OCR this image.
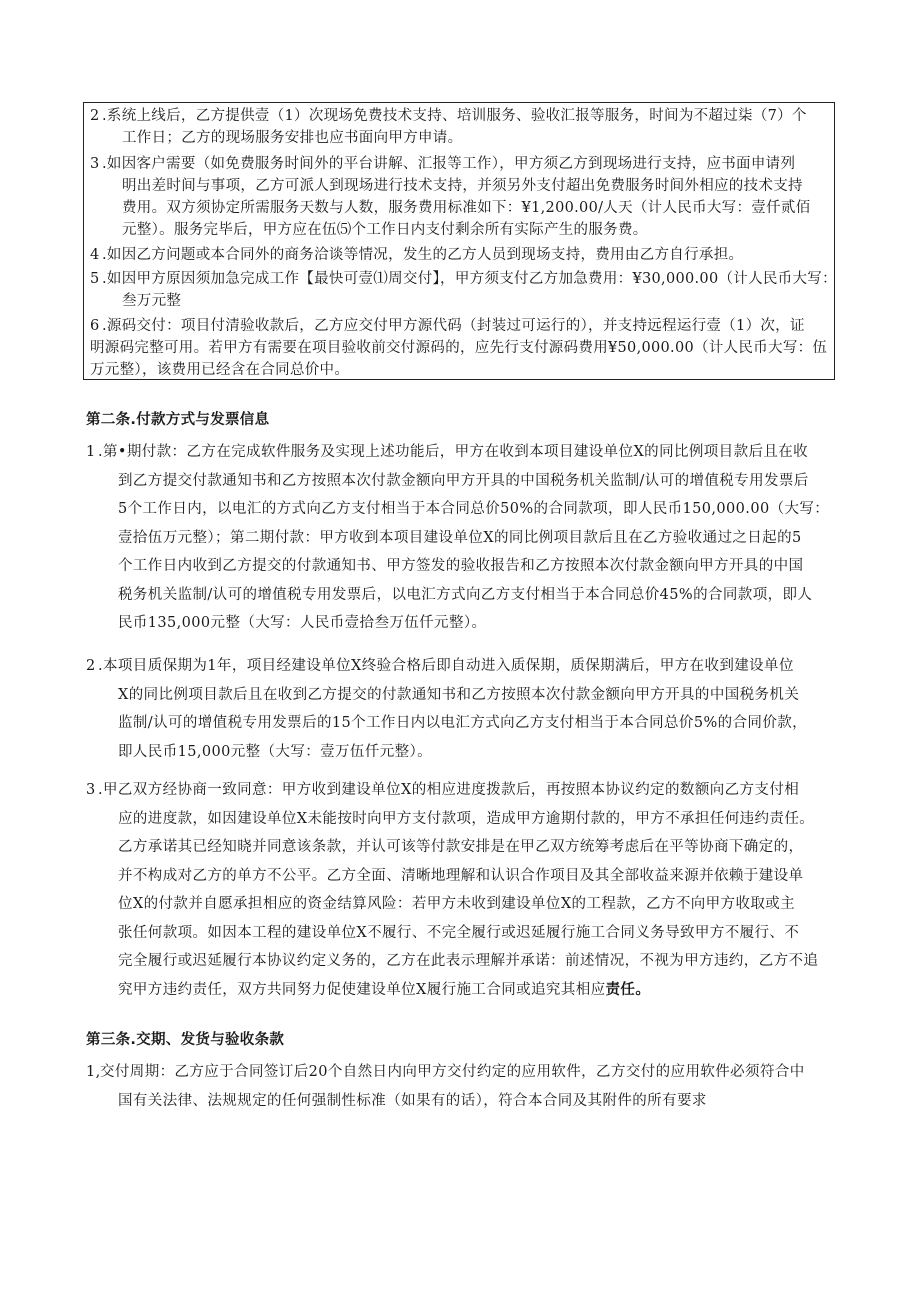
2 .系统上线后，乙方提供壹（1）次现场免费技术支持、培训服务、验收汇报等服务，时间为不超过柒（7）个
工作日；乙方的现场服务安排也应书面向甲方申请。
3 .如因客户需要（如免费服务时间外的平台讲解、汇报等工作），甲方须乙方到现场进行支持，应书面申请列
明出差时间与事项，乙方可派人到现场进行技术支持，并须另外支付超出免费服务时间外相应的技术支持
费用。双方须协定所需服务天数与人数，服务费用标准如下：¥1,200.00/人天（计人民币大写：壹仟贰佰
元整）。服务完毕后，甲方应在伍⑸个工作日内支付剩余所有实际产生的服务费。
4 .如因乙方问题或本合同外的商务洽谈等情况，发生的乙方人员到现场支持，费用由乙方自行承担。
5 .如因甲方原因须加急完成工作【最快可壹⑴周交付】，甲方须支付乙方加急费用：¥30,000.00（计人民币大写：
叁万元整
6 .源码交付：项目付清验收款后，乙方应交付甲方源代码（封装过可运行的），并支持远程运行壹（1）次，证
明源码完整可用。若甲方有需要在项目验收前交付源码的，应先行支付源码费用¥50,000.00（计人民币大写：伍
万元整），该费用已经含在合同总价中。
第二条.付款方式与发票信息
1 .第•期付款：乙方在完成软件服务及实现上述功能后，甲方在收到本项目建设单位X的同比例项目款后且在收
到乙方提交付款通知书和乙方按照本次付款金额向甲方开具的中国税务机关监制/认可的增值税专用发票后
5个工作日内，以电汇的方式向乙方支付相当于本合同总价50%的合同款项，即人民币150,000.00（大写：
壹拾伍万元整）；第二期付款：甲方收到本项目建设单位X的同比例项目款后且在乙方验收通过之日起的5
个工作日内收到乙方提交的付款通知书、甲方签发的验收报告和乙方按照本次付款金额向甲方开具的中国
税务机关监制/认可的增值税专用发票后，以电汇方式向乙方支付相当于本合同总价45%的合同款项，即人
民币135,000元整（大写：人民币壹拾叁万伍仟元整）。
2 .本项目质保期为1年，项目经建设单位X终验合格后即自动进入质保期，质保期满后，甲方在收到建设单位
X的同比例项目款后且在收到乙方提交的付款通知书和乙方按照本次付款金额向甲方开具的中国税务机关
监制/认可的增值税专用发票后的15个工作日内以电汇方式向乙方支付相当于本合同总价5%的合同价款，
即人民币15,000元整（大写：壹万伍仟元整）。
3 .甲乙双方经协商一致同意：甲方收到建设单位X的相应进度拨款后，再按照本协议约定的数额向乙方支付相
应的进度款，如因建设单位X未能按时向甲方支付款项，造成甲方逾期付款的，甲方不承担任何违约责任。
乙方承诺其已经知晓并同意该条款，并认可该等付款安排是在甲乙双方统筹考虑后在平等协商下确定的，
并不构成对乙方的单方不公平。乙方全面、清晰地理解和认识合作项目及其全部收益来源并依赖于建设单
位X的付款并自愿承担相应的资金结算风险：若甲方未收到建设单位X的工程款，乙方不向甲方收取或主
张任何款项。如因本工程的建设单位X不履行、不完全履行或迟延履行施工合同义务导致甲方不履行、不
完全履行或迟延履行本协议约定义务的，乙方在此表示理解并承诺：前述情况，不视为甲方违约，乙方不追
究甲方违约责任，双方共同努力促使建设单位X履行施工合同或追究其相应责任。
第三条.交期、发货与验收条款
1, 交付周期：乙方应于合同签订后20个自然日内向甲方交付约定的应用软件，乙方交付的应用软件必须符合中
国有关法律、法规规定的任何强制性标准（如果有的话），符合本合同及其附件的所有要求
